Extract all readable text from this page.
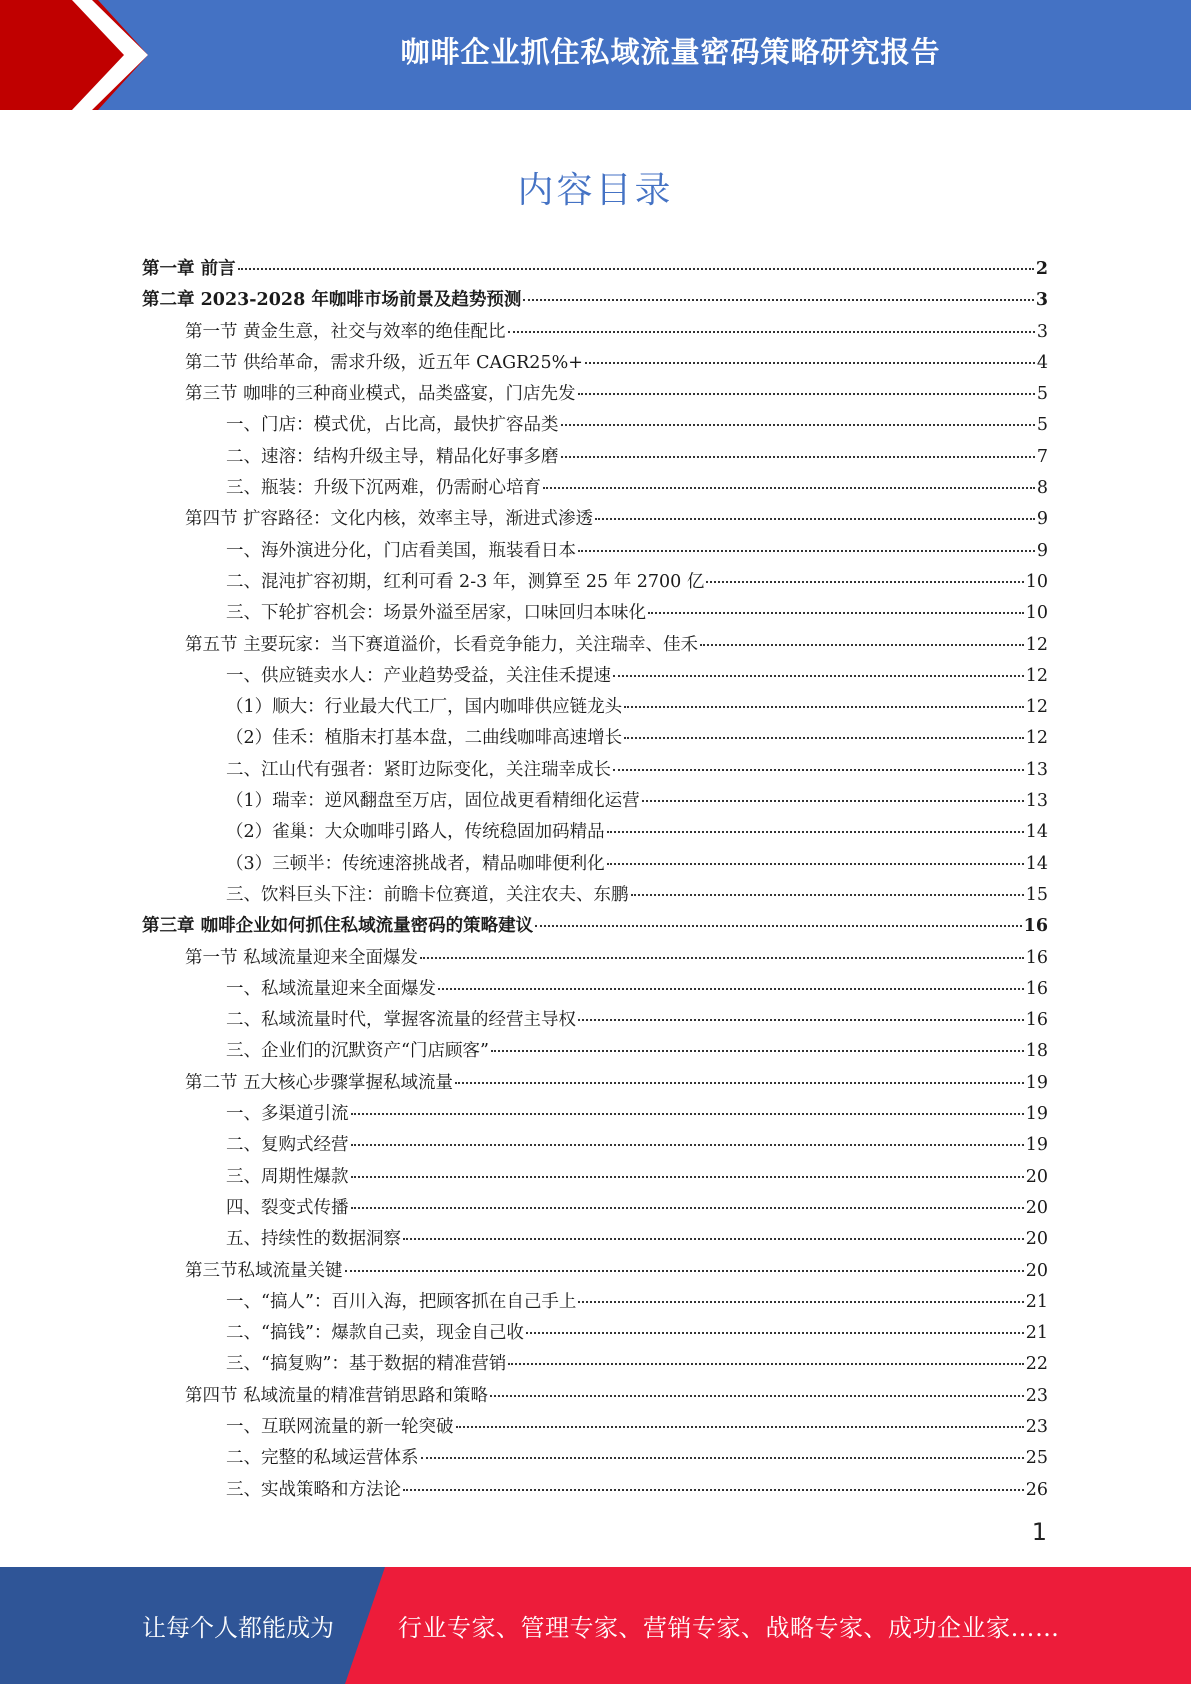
咖啡企业抓住私域流量密码策略研究报告
内容目录
第一章 前言	2
第二章 2023-2028 年咖啡市场前景及趋势预测	3
第一节 黄金生意，社交与效率的绝佳配比	3
第二节 供给革命，需求升级，近五年 CAGR25%+	4
第三节 咖啡的三种商业模式，品类盛宴，门店先发	5
一、门店：模式优，占比高，最快扩容品类	5
二、速溶：结构升级主导，精品化好事多磨	7
三、瓶装：升级下沉两难，仍需耐心培育	8
第四节 扩容路径：文化内核，效率主导，渐进式渗透	9
一、海外演进分化，门店看美国，瓶装看日本	9
二、混沌扩容初期，红利可看 2-3 年，测算至 25 年 2700 亿	10
三、下轮扩容机会：场景外溢至居家，口味回归本味化	10
第五节 主要玩家：当下赛道溢价，长看竞争能力，关注瑞幸、佳禾	12
一、供应链卖水人：产业趋势受益，关注佳禾提速	12
（1）顺大：行业最大代工厂，国内咖啡供应链龙头	12
（2）佳禾：植脂末打基本盘，二曲线咖啡高速增长	12
二、江山代有强者：紧盯边际变化，关注瑞幸成长	13
（1）瑞幸：逆风翻盘至万店，固位战更看精细化运营	13
（2）雀巢：大众咖啡引路人，传统稳固加码精品	14
（3）三顿半：传统速溶挑战者，精品咖啡便利化	14
三、饮料巨头下注：前瞻卡位赛道，关注农夫、东鹏	15
第三章 咖啡企业如何抓住私域流量密码的策略建议	16
第一节 私域流量迎来全面爆发	16
一、私域流量迎来全面爆发	16
二、私域流量时代，掌握客流量的经营主导权	16
三、企业们的沉默资产“门店顾客”	18
第二节 五大核心步骤掌握私域流量	19
一、多渠道引流	19
二、复购式经营	19
三、周期性爆款	20
四、裂变式传播	20
五、持续性的数据洞察	20
第三节私域流量关键	20
一、“搞人”：百川入海，把顾客抓在自己手上	21
二、“搞钱”：爆款自己卖，现金自己收	21
三、“搞复购”：基于数据的精准营销	22
第四节 私域流量的精准营销思路和策略	23
一、互联网流量的新一轮突破	23
二、完整的私域运营体系	25
三、实战策略和方法论	26
1
让每个人都能成为	行业专家、管理专家、营销专家、战略专家、成功企业家……
